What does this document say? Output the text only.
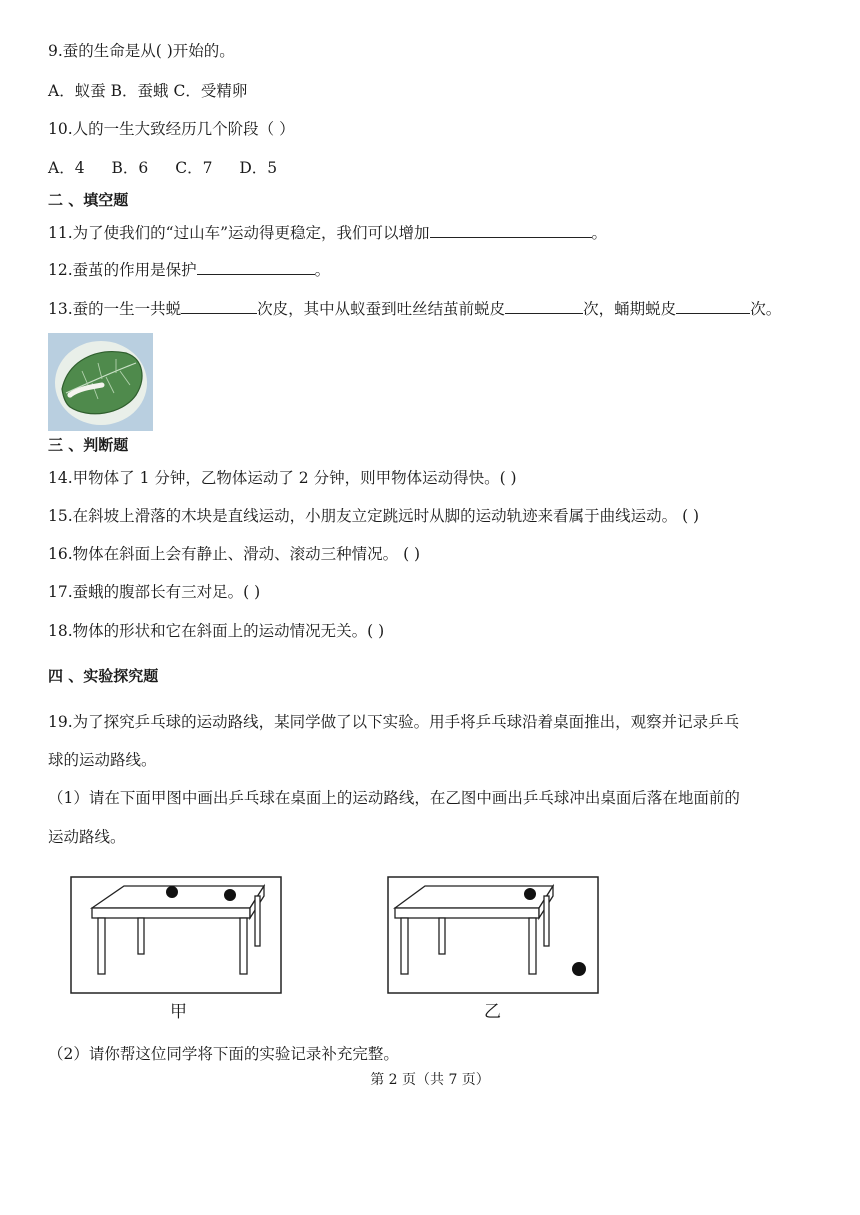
9.蚕的生命是从( )开始的。
A．蚁蚕 B．蚕蛾 C．受精卵
10.人的一生大致经历几个阶段（ ）
A．4 B．6 C．7 D．5
二 、填空题
11.为了使我们的“过山车”运动得更稳定，我们可以增加	。
12.蚕茧的作用是保护	。
13.蚕的一生一共蜕	次皮，其中从蚁蚕到吐丝结茧前蜕皮	次，蛹期蜕皮	次。
三 、判断题
14.甲物体了 1 分钟，乙物体运动了 2 分钟，则甲物体运动得快。( )
15.在斜坡上滑落的木块是直线运动，小朋友立定跳远时从脚的运动轨迹来看属于曲线运动。 ( )
16.物体在斜面上会有静止、滑动、滚动三种情况。 ( )
17.蚕蛾的腹部长有三对足。( )
18.物体的形状和它在斜面上的运动情况无关。( )
四 、实验探究题
19.为了探究乒乓球的运动路线，某同学做了以下实验。用手将乒乓球沿着桌面推出，观察并记录乒乓
球的运动路线。
（1）请在下面甲图中画出乒乓球在桌面上的运动路线，在乙图中画出乒乓球冲出桌面后落在地面前的
运动路线。
甲	乙
（2）请你帮这位同学将下面的实验记录补充完整。
第 2 页（共 7 页）
